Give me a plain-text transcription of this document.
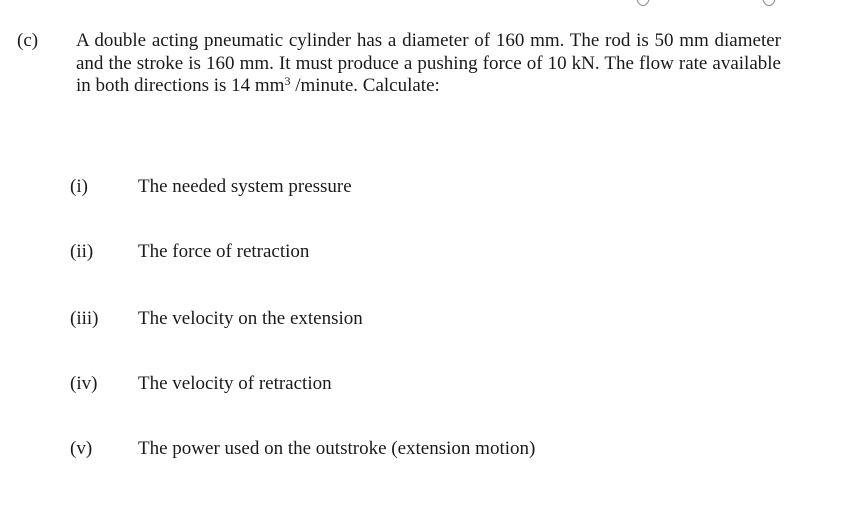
(c) A double acting pneumatic cylinder has a diameter of 160 mm. The rod is 50 mm diameter and the stroke is 160 mm. It must produce a pushing force of 10 kN. The flow rate available in both directions is 14 $mm^3$ /minute. Calculate:
(i)	The needed system pressure
(ii) The force of retraction
(iii) The velocity on the extension
(iv) The velocity of retraction
(v) The power used on the outstroke (extension motion)
